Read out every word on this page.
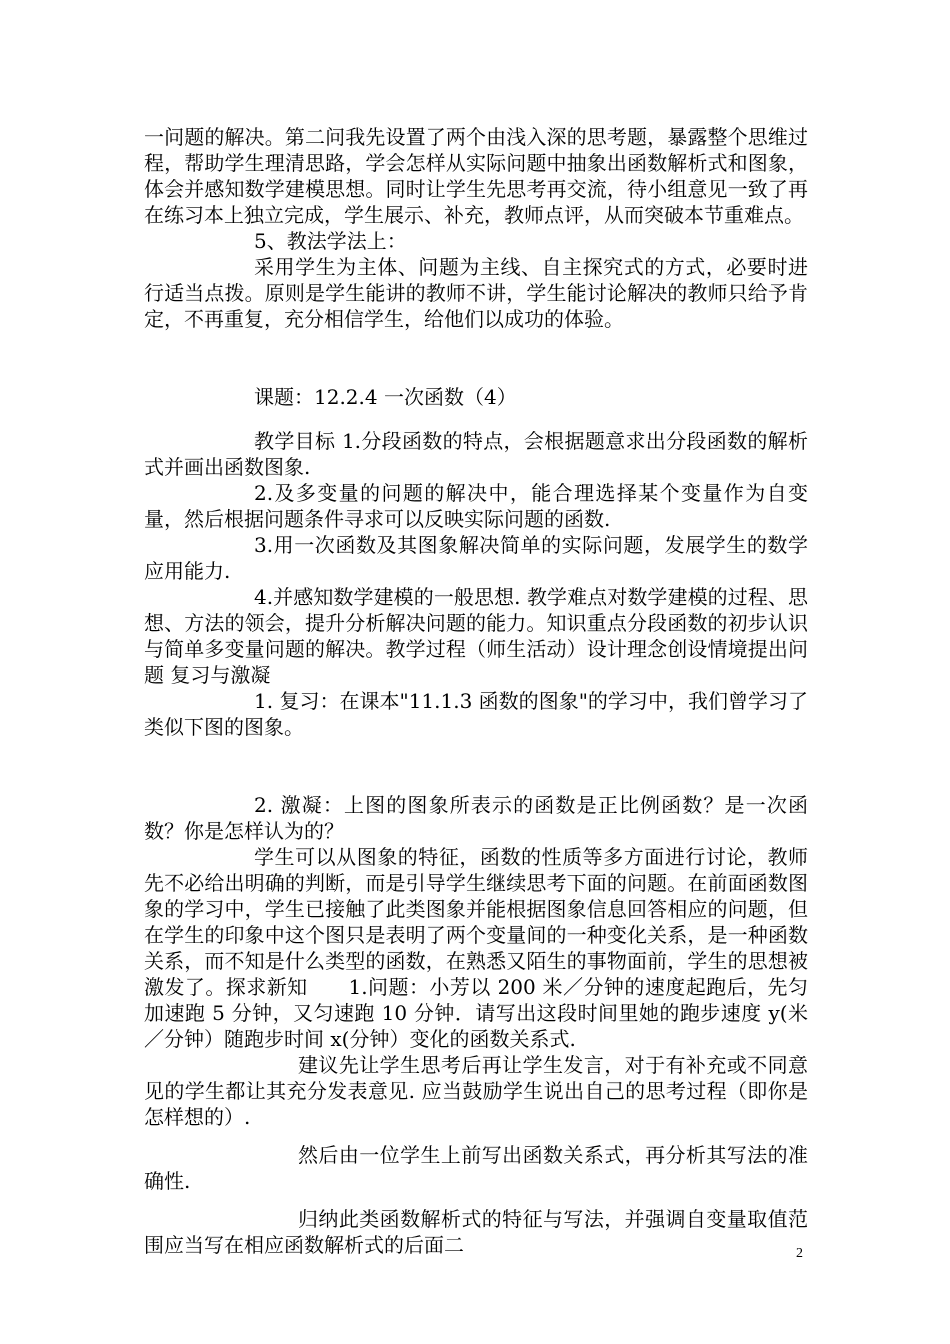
一问题的解决。第二问我先设置了两个由浅入深的思考题，暴露整个思维过程，帮助学生理清思路，学会怎样从实际问题中抽象出函数解析式和图象，体会并感知数学建模思想。同时让学生先思考再交流，待小组意见一致了再在练习本上独立完成，学生展示、补充，教师点评，从而突破本节重难点。

5、教法学法上：

采用学生为主体、问题为主线、自主探究式的方式，必要时进行适当点拨。原则是学生能讲的教师不讲，学生能讨论解决的教师只给予肯定，不再重复，充分相信学生，给他们以成功的体验。

课题：12.2.4 一次函数（4）

教学目标 1.分段函数的特点，会根据题意求出分段函数的解析式并画出函数图象.

2.及多变量的问题的解决中，能合理选择某个变量作为自变量，然后根据问题条件寻求可以反映实际问题的函数.

3.用一次函数及其图象解决简单的实际问题，发展学生的数学应用能力.

4.并感知数学建模的一般思想. 教学难点对数学建模的过程、思想、方法的领会，提升分析解决问题的能力。知识重点分段函数的初步认识与简单多变量问题的解决。教学过程（师生活动）设计理念创设情境提出问题 复习与激凝

1. 复习：在课本"11.1.3 函数的图象"的学习中，我们曾学习了类似下图的图象。

2. 激凝：上图的图象所表示的函数是正比例函数？是一次函数？你是怎样认为的？

学生可以从图象的特征，函数的性质等多方面进行讨论，教师先不必给出明确的判断，而是引导学生继续思考下面的问题。在前面函数图象的学习中，学生已接触了此类图象并能根据图象信息回答相应的问题，但在学生的印象中这个图只是表明了两个变量间的一种变化关系，是一种函数关系，而不知是什么类型的函数，在熟悉又陌生的事物面前，学生的思想被激发了。探求新知　　1.问题：小芳以 200 米／分钟的速度起跑后，先匀加速跑 5 分钟，又匀速跑 10 分钟．请写出这段时间里她的跑步速度 y(米／分钟）随跑步时间 x(分钟）变化的函数关系式.

建议先让学生思考后再让学生发言，对于有补充或不同意见的学生都让其充分发表意见. 应当鼓励学生说出自己的思考过程（即你是怎样想的）.

然后由一位学生上前写出函数关系式，再分析其写法的准确性.

归纳此类函数解析式的特征与写法，并强调自变量取值范围应当写在相应函数解析式的后面二	2
